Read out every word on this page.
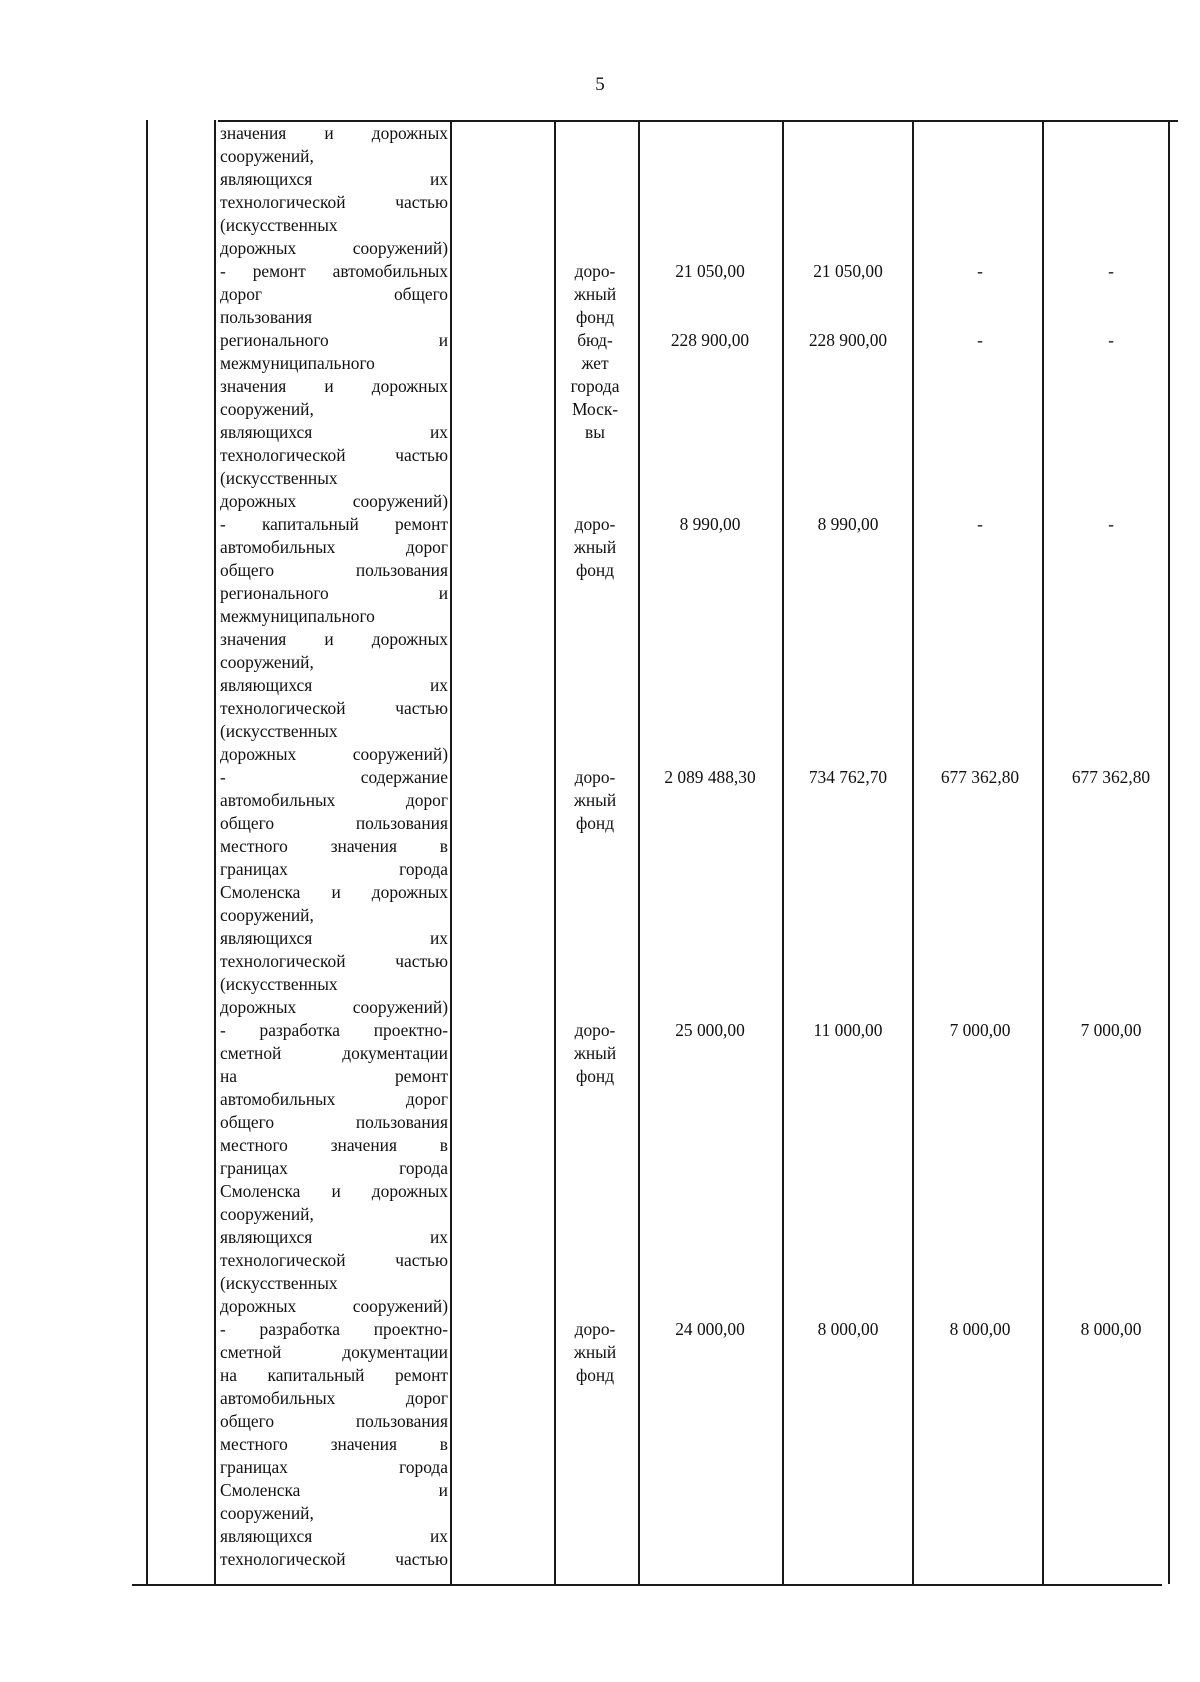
5
значения и дорожных
сооружений,
являющихся их
технологической частью
(искусственных
дорожных сооружений)
- ремонт автомобильных
дорог общего
пользования
доро-
жный
фонд
21 050,00	21 050,00	-	-
регионального и
межмуниципального
значения и дорожных
сооружений,
являющихся их
технологической частью
(искусственных
дорожных сооружений)
бюд-
жет
города
Моск-
вы
228 900,00	228 900,00	-	-
- капитальный ремонт
автомобильных дорог
общего пользования
регионального и
межмуниципального
значения и дорожных
сооружений,
являющихся их
технологической частью
(искусственных
дорожных сооружений)
доро-
жный
фонд
8 990,00	8 990,00	-	-
- содержание
автомобильных дорог
общего пользования
местного значения в
границах города
Смоленска и дорожных
сооружений,
являющихся их
технологической частью
(искусственных
дорожных сооружений)
доро-
жный
фонд
2 089 488,30	734 762,70	677 362,80	677 362,80
- разработка проектно-
сметной документации
на ремонт
автомобильных дорог
общего пользования
местного значения в
границах города
Смоленска и дорожных
сооружений,
являющихся их
технологической частью
(искусственных
дорожных сооружений)
доро-
жный
фонд
25 000,00	11 000,00	7 000,00	7 000,00
- разработка проектно-
сметной документации
на капитальный ремонт
автомобильных дорог
общего пользования
местного значения в
границах города
Смоленска и
сооружений,
являющихся их
технологической частью
доро-
жный
фонд
24 000,00	8 000,00	8 000,00	8 000,00
